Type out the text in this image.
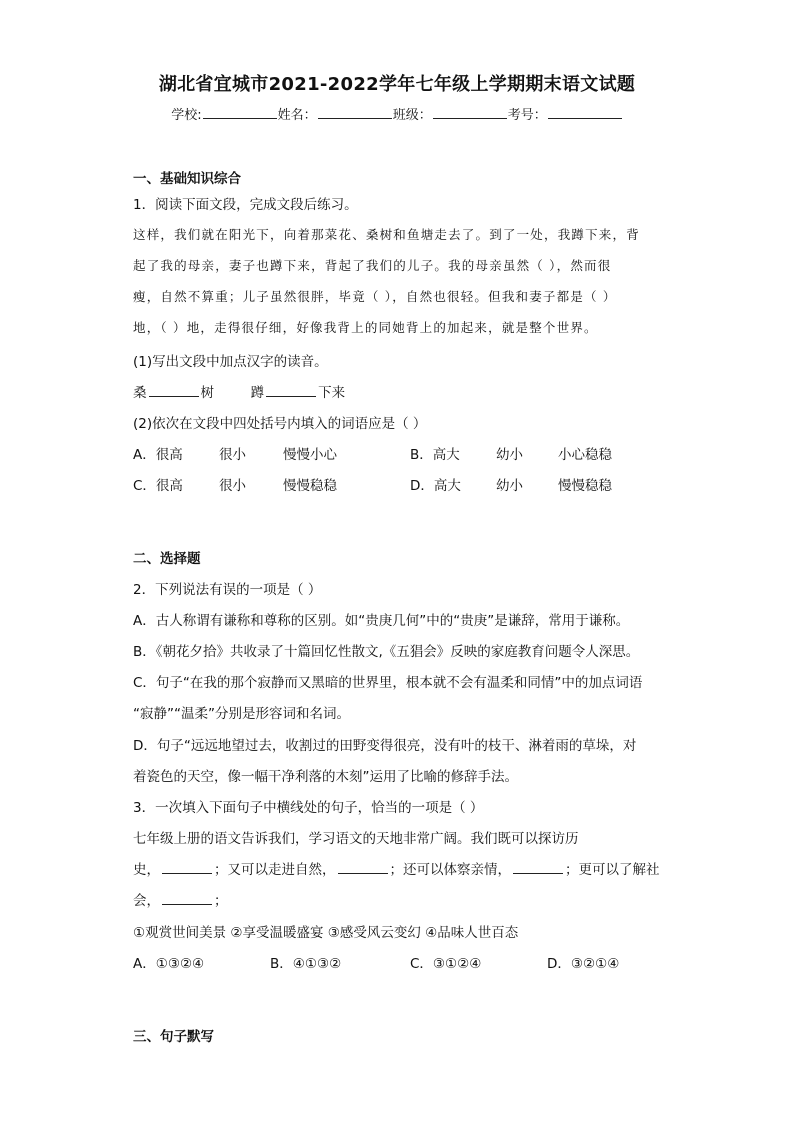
湖北省宜城市2021-2022学年七年级上学期期末语文试题
学校:	姓名：	班级：	考号：
一、基础知识综合
1．阅读下面文段，完成文段后练习。
这样，我们就在阳光下，向着那菜花、桑树和鱼塘走去了。到了一处，我蹲下来，背
起了我的母亲，妻子也蹲下来，背起了我们的儿子。我的母亲虽然（ ），然而很
瘦，自然不算重；儿子虽然很胖，毕竟（ ），自然也很轻。但我和妻子都是（ ）
地，（ ）地，走得很仔细，好像我背上的同她背上的加起来，就是整个世界。
(1)写出文段中加点汉字的读音。
桑	树	蹲	下来
(2)依次在文段中四处括号内填入的词语应是（ ）
A．很高	很小	慢慢小心	B．高大	幼小	小心稳稳
C．很高	很小	慢慢稳稳	D．高大	幼小	慢慢稳稳
二、选择题
2．下列说法有误的一项是（ ）
A．古人称谓有谦称和尊称的区别。如“贵庚几何”中的“贵庚”是谦辞，常用于谦称。
B．《朝花夕拾》共收录了十篇回忆性散文,《五猖会》反映的家庭教育问题令人深思。
C．句子“在我的那个寂静而又黑暗的世界里，根本就不会有温柔和同情”中的加点词语
“寂静”“温柔”分别是形容词和名词。
D．句子“远远地望过去，收割过的田野变得很亮，没有叶的枝干、淋着雨的草垛，对
着瓷色的天空，像一幅干净利落的木刻”运用了比喻的修辞手法。
3．一次填入下面句子中横线处的句子，恰当的一项是（ ）
七年级上册的语文告诉我们，学习语文的天地非常广阔。我们既可以探访历
史，	；又可以走进自然，	；还可以体察亲情，	；更可以了解社
会，	；
①观赏世间美景 ②享受温暖盛宴 ③感受风云变幻 ④品味人世百态
A．①③②④	B．④①③②	C．③①②④	D．③②①④
三、句子默写
